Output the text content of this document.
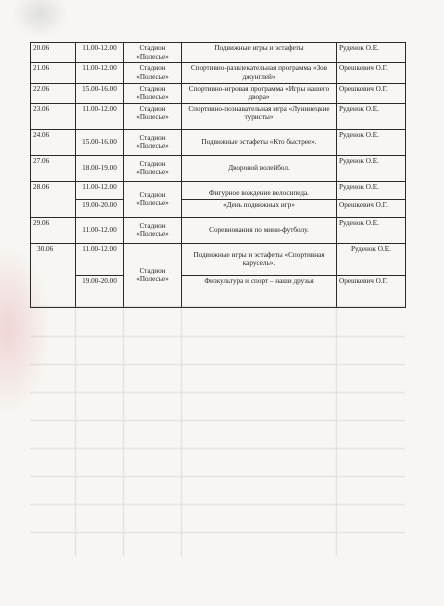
20.06	11.00-12.00	Стадион «Полесье»	Подвижные игры и эстафеты	Руденок О.Е.
21.06	11.00-12.00	Стадион «Полесье»	Спортивно-развлекательная программа «Зов джунглей»	Орешкевич О.Г.
22.06	15.00-16.00	Стадион «Полесье»	Спортивно-игровая программа «Игры нашего двора»	Орешкевич О.Г.
23.06	11.00-12.00	Стадион «Полесье»	Спортивно-познавательная игра «Лунинецкие туристы»	Руденок О.Е.
24.06	15.00-16.00	Стадион «Полесье»	Подвижные эстафеты «Кто быстрее».	Руденок О.Е.
27.06	18.00-19.00	Стадион «Полесье»	Дворовой волейбол.	Руденок О.Е.
28.06	11.00-12.00	Стадион «Полесье»	Фигурное вождение велосипеда.	Руденок О.Е.
	19.00-20.00		«День подвижных игр»	Орешкевич О.Г.
29.06	11.00-12.00	Стадион «Полесье»	Соревнования по мини-футболу.	Руденок О.Е.
30.06	11.00-12.00	Стадион «Полесье»	Подвижные игры и эстафеты «Спортивная карусель».	Руденок О.Е.
	19.00-20.00		Физкультура и спорт – наши друзья	Орешкевич О.Г.
